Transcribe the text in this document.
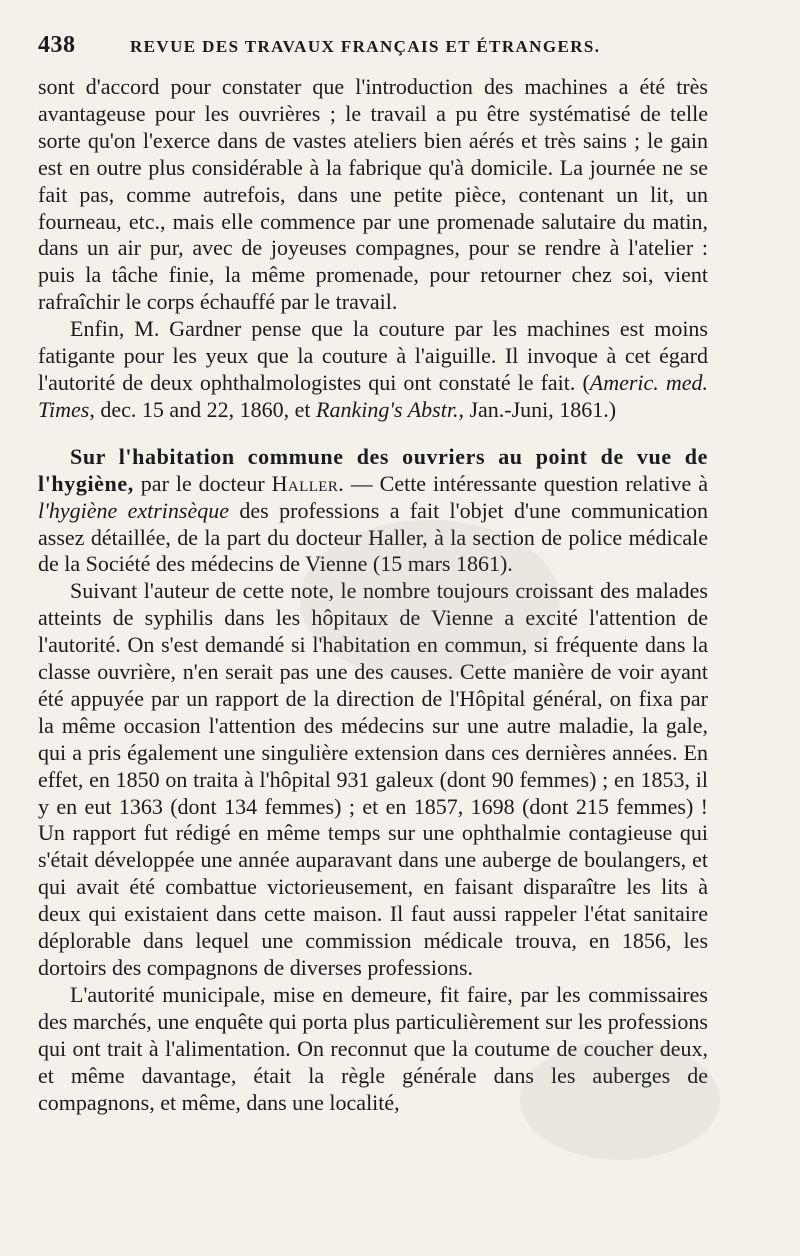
438	REVUE DES TRAVAUX FRANÇAIS ET ÉTRANGERS.

sont d'accord pour constater que l'introduction des machines a été très avantageuse pour les ouvrières ; le travail a pu être systématisé de telle sorte qu'on l'exerce dans de vastes ateliers bien aérés et très sains ; le gain est en outre plus considérable à la fabrique qu'à domicile. La journée ne se fait pas, comme autrefois, dans une petite pièce, contenant un lit, un fourneau, etc., mais elle commence par une promenade salutaire du matin, dans un air pur, avec de joyeuses compagnes, pour se rendre à l'atelier : puis la tâche finie, la même promenade, pour retourner chez soi, vient rafraîchir le corps échauffé par le travail.

Enfin, M. Gardner pense que la couture par les machines est moins fatigante pour les yeux que la couture à l'aiguille. Il invoque à cet égard l'autorité de deux ophthalmologistes qui ont constaté le fait. (Americ. med. Times, dec. 15 and 22, 1860, et Ranking's Abstr., Jan.-Juni, 1861.)

Sur l'habitation commune des ouvriers au point de vue de l'hygiène, par le docteur Haller. — Cette intéressante question relative à l'hygiène extrinsèque des professions a fait l'objet d'une communication assez détaillée, de la part du docteur Haller, à la section de police médicale de la Société des médecins de Vienne (15 mars 1861).

Suivant l'auteur de cette note, le nombre toujours croissant des malades atteints de syphilis dans les hôpitaux de Vienne a excité l'attention de l'autorité. On s'est demandé si l'habitation en commun, si fréquente dans la classe ouvrière, n'en serait pas une des causes. Cette manière de voir ayant été appuyée par un rapport de la direction de l'Hôpital général, on fixa par la même occasion l'attention des médecins sur une autre maladie, la gale, qui a pris également une singulière extension dans ces dernières années. En effet, en 1850 on traita à l'hôpital 931 galeux (dont 90 femmes) ; en 1853, il y en eut 1363 (dont 134 femmes) ; et en 1857, 1698 (dont 215 femmes) ! Un rapport fut rédigé en même temps sur une ophthalmie contagieuse qui s'était développée une année auparavant dans une auberge de boulangers, et qui avait été combattue victorieusement, en faisant disparaître les lits à deux qui existaient dans cette maison. Il faut aussi rappeler l'état sanitaire déplorable dans lequel une commission médicale trouva, en 1856, les dortoirs des compagnons de diverses professions.

L'autorité municipale, mise en demeure, fit faire, par les commissaires des marchés, une enquête qui porta plus particulièrement sur les professions qui ont trait à l'alimentation. On reconnut que la coutume de coucher deux, et même davantage, était la règle générale dans les auberges de compagnons, et même, dans une localité,
